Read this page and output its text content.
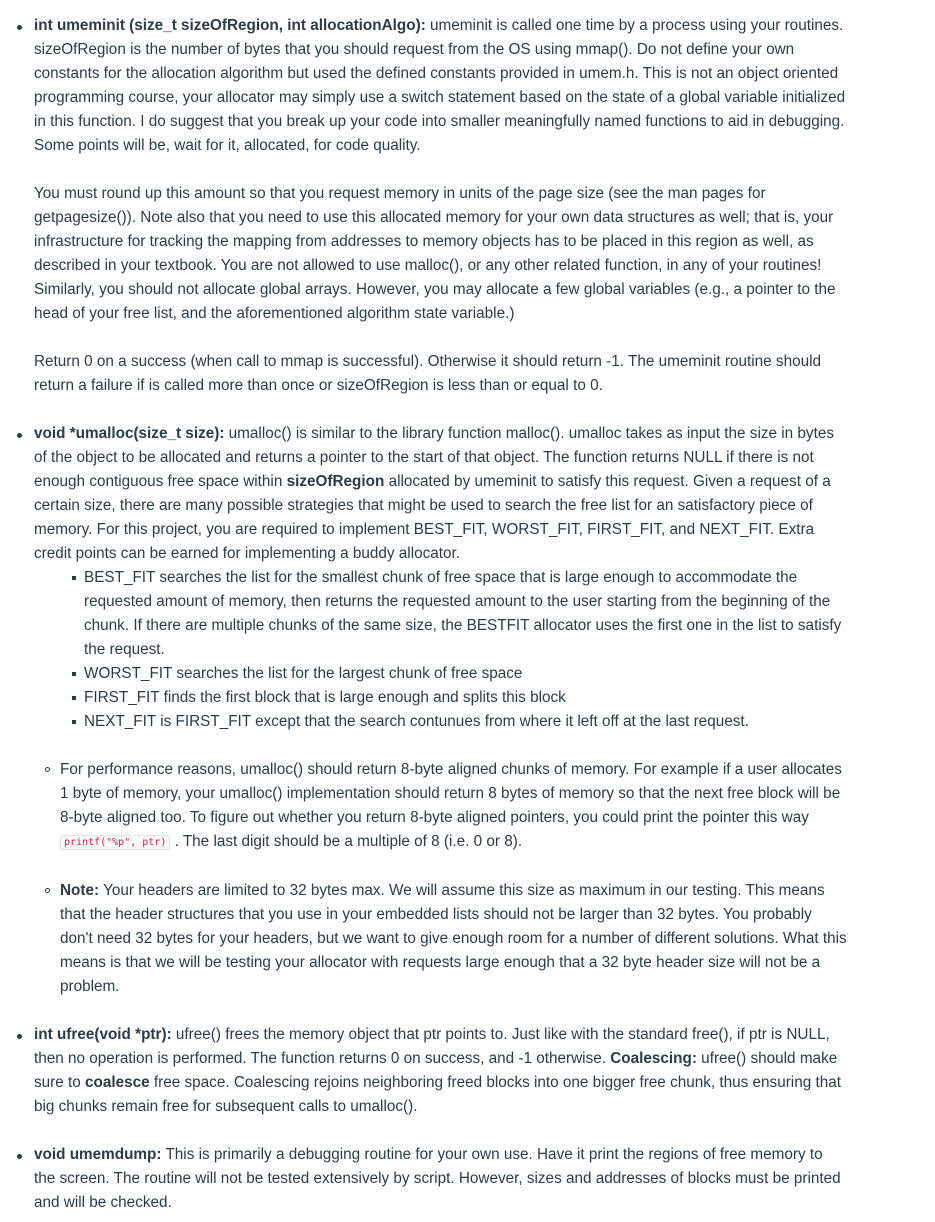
int umeminit (size_t sizeOfRegion, int allocationAlgo): umeminit is called one time by a process using your routines. sizeOfRegion is the number of bytes that you should request from the OS using mmap(). Do not define your own constants for the allocation algorithm but used the defined constants provided in umem.h. This is not an object oriented programming course, your allocator may simply use a switch statement based on the state of a global variable initialized in this function. I do suggest that you break up your code into smaller meaningfully named functions to aid in debugging. Some points will be, wait for it, allocated, for code quality.

You must round up this amount so that you request memory in units of the page size (see the man pages for getpagesize()). Note also that you need to use this allocated memory for your own data structures as well; that is, your infrastructure for tracking the mapping from addresses to memory objects has to be placed in this region as well, as described in your textbook. You are not allowed to use malloc(), or any other related function, in any of your routines! Similarly, you should not allocate global arrays. However, you may allocate a few global variables (e.g., a pointer to the head of your free list, and the aforementioned algorithm state variable.)

Return 0 on a success (when call to mmap is successful). Otherwise it should return -1. The umeminit routine should return a failure if is called more than once or sizeOfRegion is less than or equal to 0.

void *umalloc(size_t size): umalloc() is similar to the library function malloc(). umalloc takes as input the size in bytes of the object to be allocated and returns a pointer to the start of that object. The function returns NULL if there is not enough contiguous free space within sizeOfRegion allocated by umeminit to satisfy this request. Given a request of a certain size, there are many possible strategies that might be used to search the free list for an satisfactory piece of memory. For this project, you are required to implement BEST_FIT, WORST_FIT, FIRST_FIT, and NEXT_FIT. Extra credit points can be earned for implementing a buddy allocator.

BEST_FIT searches the list for the smallest chunk of free space that is large enough to accommodate the requested amount of memory, then returns the requested amount to the user starting from the beginning of the chunk. If there are multiple chunks of the same size, the BESTFIT allocator uses the first one in the list to satisfy the request.
WORST_FIT searches the list for the largest chunk of free space
FIRST_FIT finds the first block that is large enough and splits this block
NEXT_FIT is FIRST_FIT except that the search contunues from where it left off at the last request.
For performance reasons, umalloc() should return 8-byte aligned chunks of memory. For example if a user allocates 1 byte of memory, your umalloc() implementation should return 8 bytes of memory so that the next free block will be 8-byte aligned too. To figure out whether you return 8-byte aligned pointers, you could print the pointer this way printf("%p", ptr) . The last digit should be a multiple of 8 (i.e. 0 or 8).
Note: Your headers are limited to 32 bytes max. We will assume this size as maximum in our testing. This means that the header structures that you use in your embedded lists should not be larger than 32 bytes. You probably don't need 32 bytes for your headers, but we want to give enough room for a number of different solutions. What this means is that we will be testing your allocator with requests large enough that a 32 byte header size will not be a problem.

int ufree(void *ptr): ufree() frees the memory object that ptr points to. Just like with the standard free(), if ptr is NULL, then no operation is performed. The function returns 0 on success, and -1 otherwise. Coalescing: ufree() should make sure to coalesce free space. Coalescing rejoins neighboring freed blocks into one bigger free chunk, thus ensuring that big chunks remain free for subsequent calls to umalloc().

void umemdump: This is primarily a debugging routine for your own use. Have it print the regions of free memory to the screen. The routine will not be tested extensively by script. However, sizes and addresses of blocks must be printed and will be checked.
